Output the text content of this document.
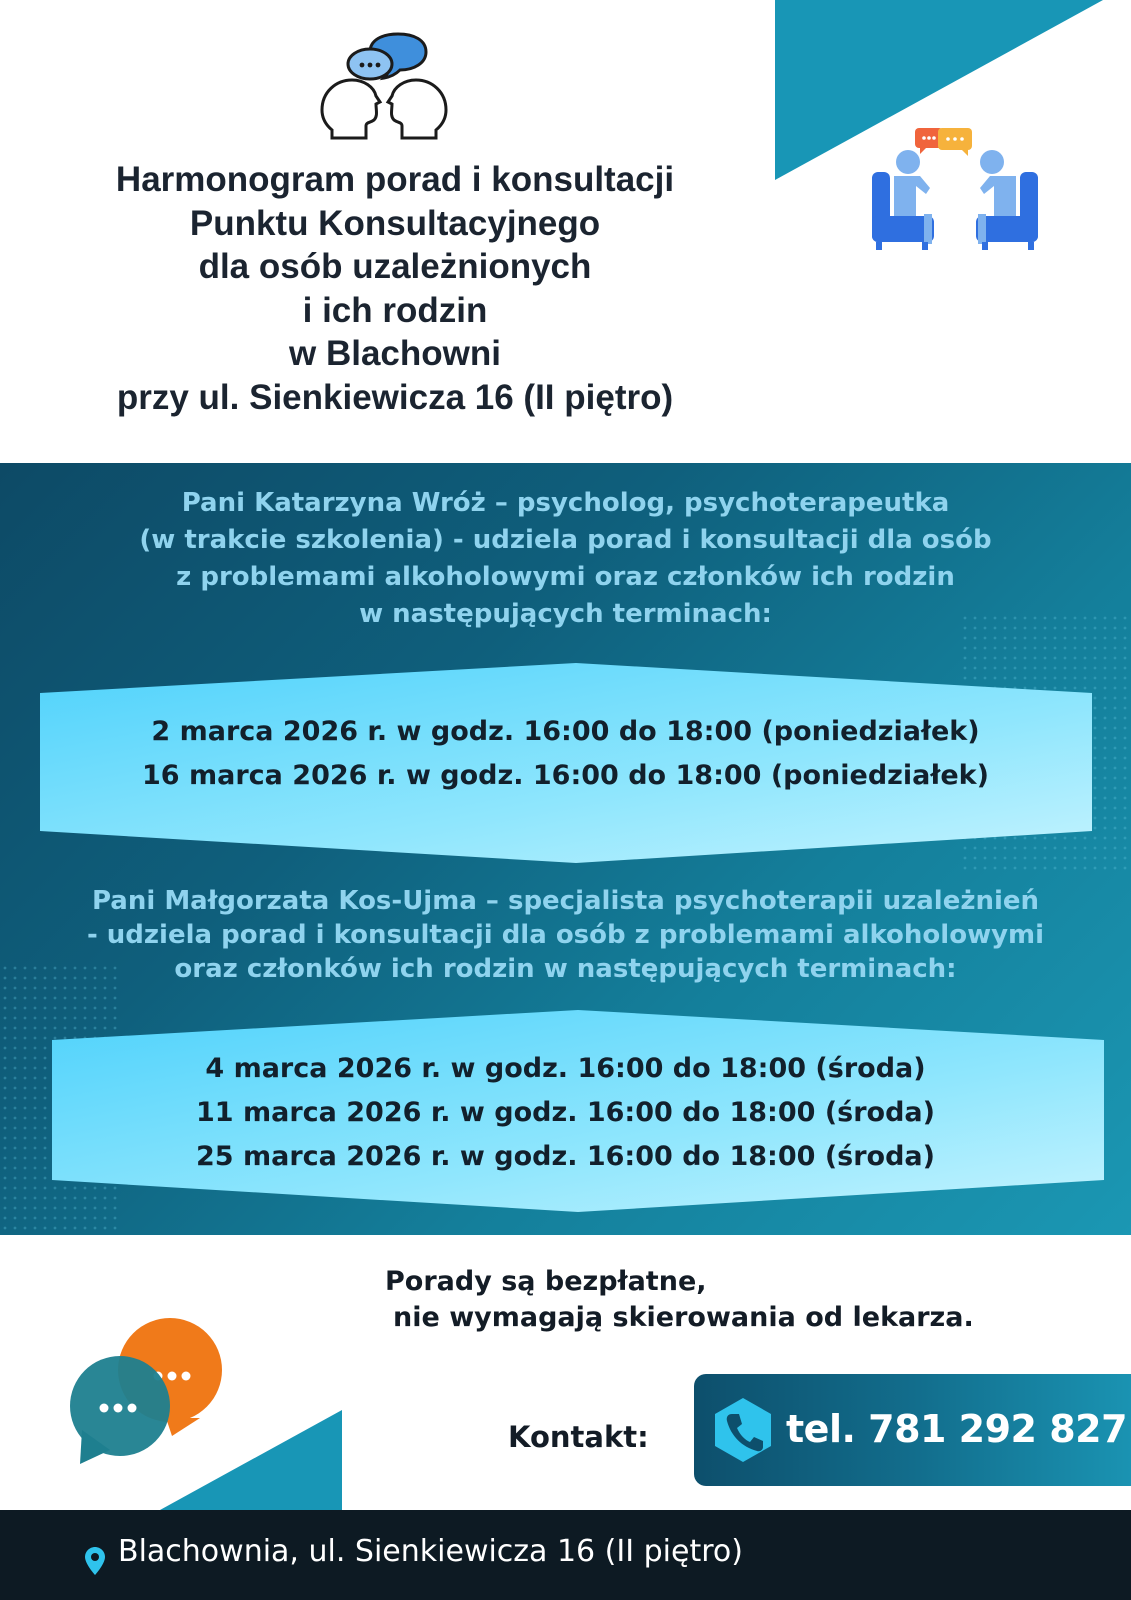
Harmonogram porad i konsultacji
Punktu Konsultacyjnego
dla osób uzależnionych
i ich rodzin
w Blachowni
przy ul. Sienkiewicza 16 (II piętro)
Pani Katarzyna Wróż – psycholog, psychoterapeutka
(w trakcie szkolenia) - udziela porad i konsultacji dla osób
z problemami alkoholowymi oraz członków ich rodzin
w następujących terminach:
2 marca 2026 r. w godz. 16:00 do 18:00 (poniedziałek)
16 marca 2026 r. w godz. 16:00 do 18:00 (poniedziałek)
Pani Małgorzata Kos-Ujma – specjalista psychoterapii uzależnień
- udziela porad i konsultacji dla osób z problemami alkoholowymi
oraz członków ich rodzin w następujących terminach:
4 marca 2026 r. w godz. 16:00 do 18:00 (środa)
11 marca 2026 r. w godz. 16:00 do 18:00 (środa)
25 marca 2026 r. w godz. 16:00 do 18:00 (środa)
Porady są bezpłatne,
nie wymagają skierowania od lekarza.
Kontakt:	tel. 781 292 827
Blachownia, ul. Sienkiewicza 16 (II piętro)
